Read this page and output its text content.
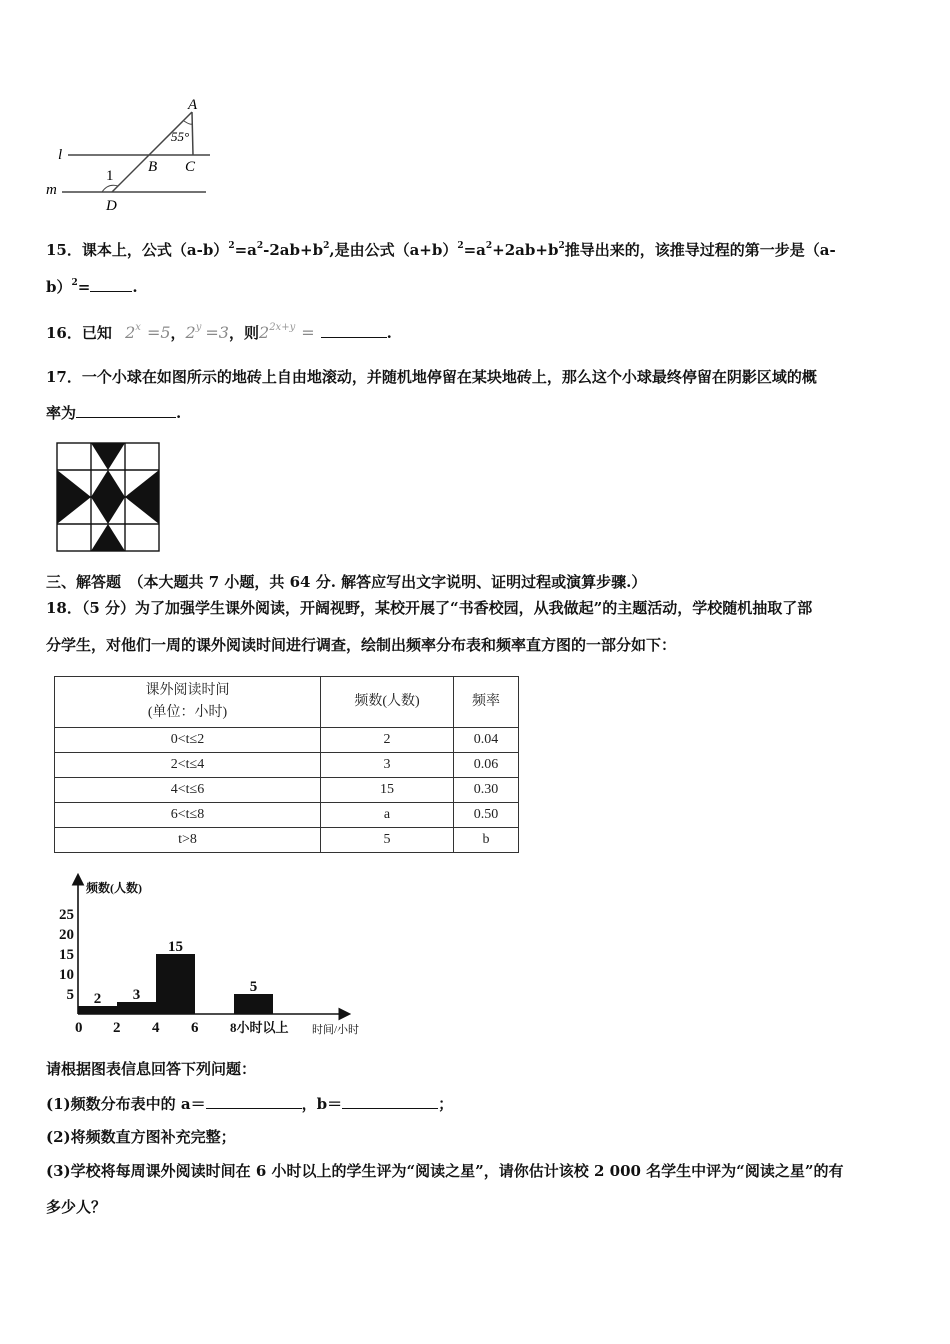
A
55°
B C
l
m
1
D
15．课本上，公式$(a-b)^2=a^2-2ab+b^2$,是由公式$(a+b)^2=a^2+2ab+b^2$推导出来的，该推导过程的第一步是（a-
b）$^2$=	.
16．已知 $2^x =5$，$2^y =3$，则$2^{2x+y}$ =	.
17．一个小球在如图所示的地砖上自由地滚动，并随机地停留在某块地砖上，那么这个小球最终停留在阴影区域的概
率为	.
三、解答题　（本大题共 7 小题，共 64 分. 解答应写出文字说明、证明过程或演算步骤.）
18．（5 分）为了加强学生课外阅读，开阔视野，某校开展了“书香校园，从我做起”的主题活动，学校随机抽取了部
分学生，对他们一周的课外阅读时间进行调查，绘制出频率分布表和频率直方图的一部分如下：
课外阅读时间
(单位：小时)	频数(人数)	频率
0<t≤2	2	0.04
2<t≤4	3	0.06
4<t≤6	15	0.30
6<t≤8	a	0.50
t>8	5	b
频数(人数)
时间/小时
5
10
15
20
25
0 2 4 6 8小时以上
2 3
15
5
请根据图表信息回答下列问题：
(1)频数分布表中的 a＝	，b＝	；
(2)将频数直方图补充完整；
(3)学校将每周课外阅读时间在 6 小时以上的学生评为“阅读之星”，请你估计该校 2 000 名学生中评为“阅读之星”的有
多少人？
